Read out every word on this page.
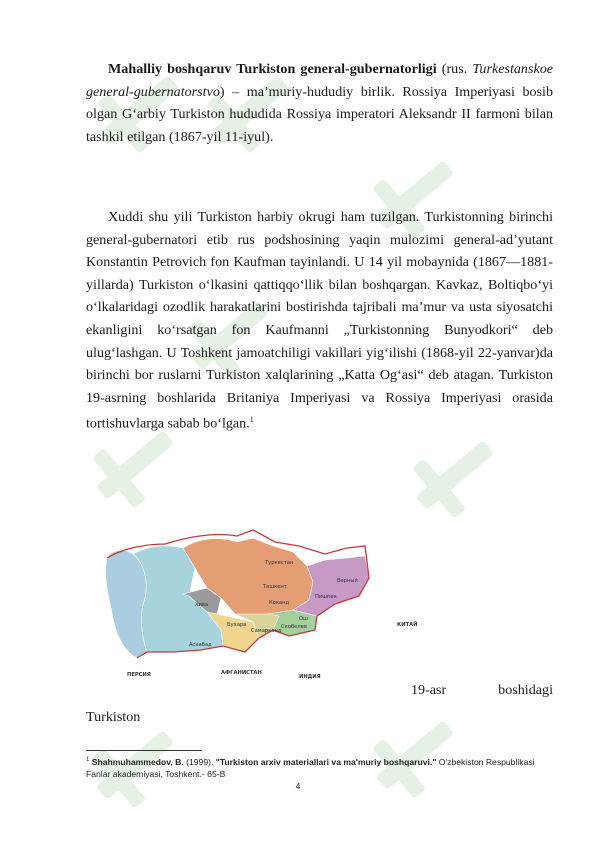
Mahalliy boshqaruv Turkiston general-gubernatorligi (rus. Turkestanskoe general-gubernatorstvo) – ma’muriy-hududiy birlik. Rossiya Imperiyasi bosib olgan G‘arbiy Turkiston hududida Rossiya imperatori Aleksandr II farmoni bilan tashkil etilgan (1867-yil 11-iyul).
Xuddi shu yili Turkiston harbiy okrugi ham tuzilgan. Turkistonning birinchi general-gubernatori etib rus podshosining yaqin mulozimi general-ad’yutant Konstantin Petrovich fon Kaufman tayinlandi. U 14 yil mobaynida (1867—1881-yillarda) Turkiston o‘lkasini qattiqqo‘llik bilan boshqargan. Kavkaz, Boltiqbo‘yi o‘lkalaridagi ozodlik harakatlarini bostirishda tajribali ma’mur va usta siyosatchi ekanligini ko‘rsatgan fon Kaufmanni „Turkistonning Bunyodkori“ deb ulug‘lashgan. U Toshkent jamoatchiligi vakillari yig‘ilishi (1868-yil 22-yanvar)da birinchi bor ruslarni Turkiston xalqlarining „Katta Og‘asi“ deb atagan. Turkiston 19-asrning boshlarida Britaniya Imperiyasi va Rossiya Imperiyasi orasida tortishuvlarga sabab bo‘lgan.$^1$
Туркестан
Верный
Пишпек
Ташкент
Хива	Коканд
Ош
Скобелев
Бухара
Самарканд
Асхабад
КИТАЙ
ПЕРСИЯ	АФГАНИСТАН
ИНДИЯ
19-asr boshidagi
Turkiston
$^1$ Shahmuhammedov, B. (1999). "Turkiston arxiv materiallari va ma'muriy boshqaruvi." O'zbekiston Respublikasi Fanlar akademiyasi, Toshkent.- 65-B
4
